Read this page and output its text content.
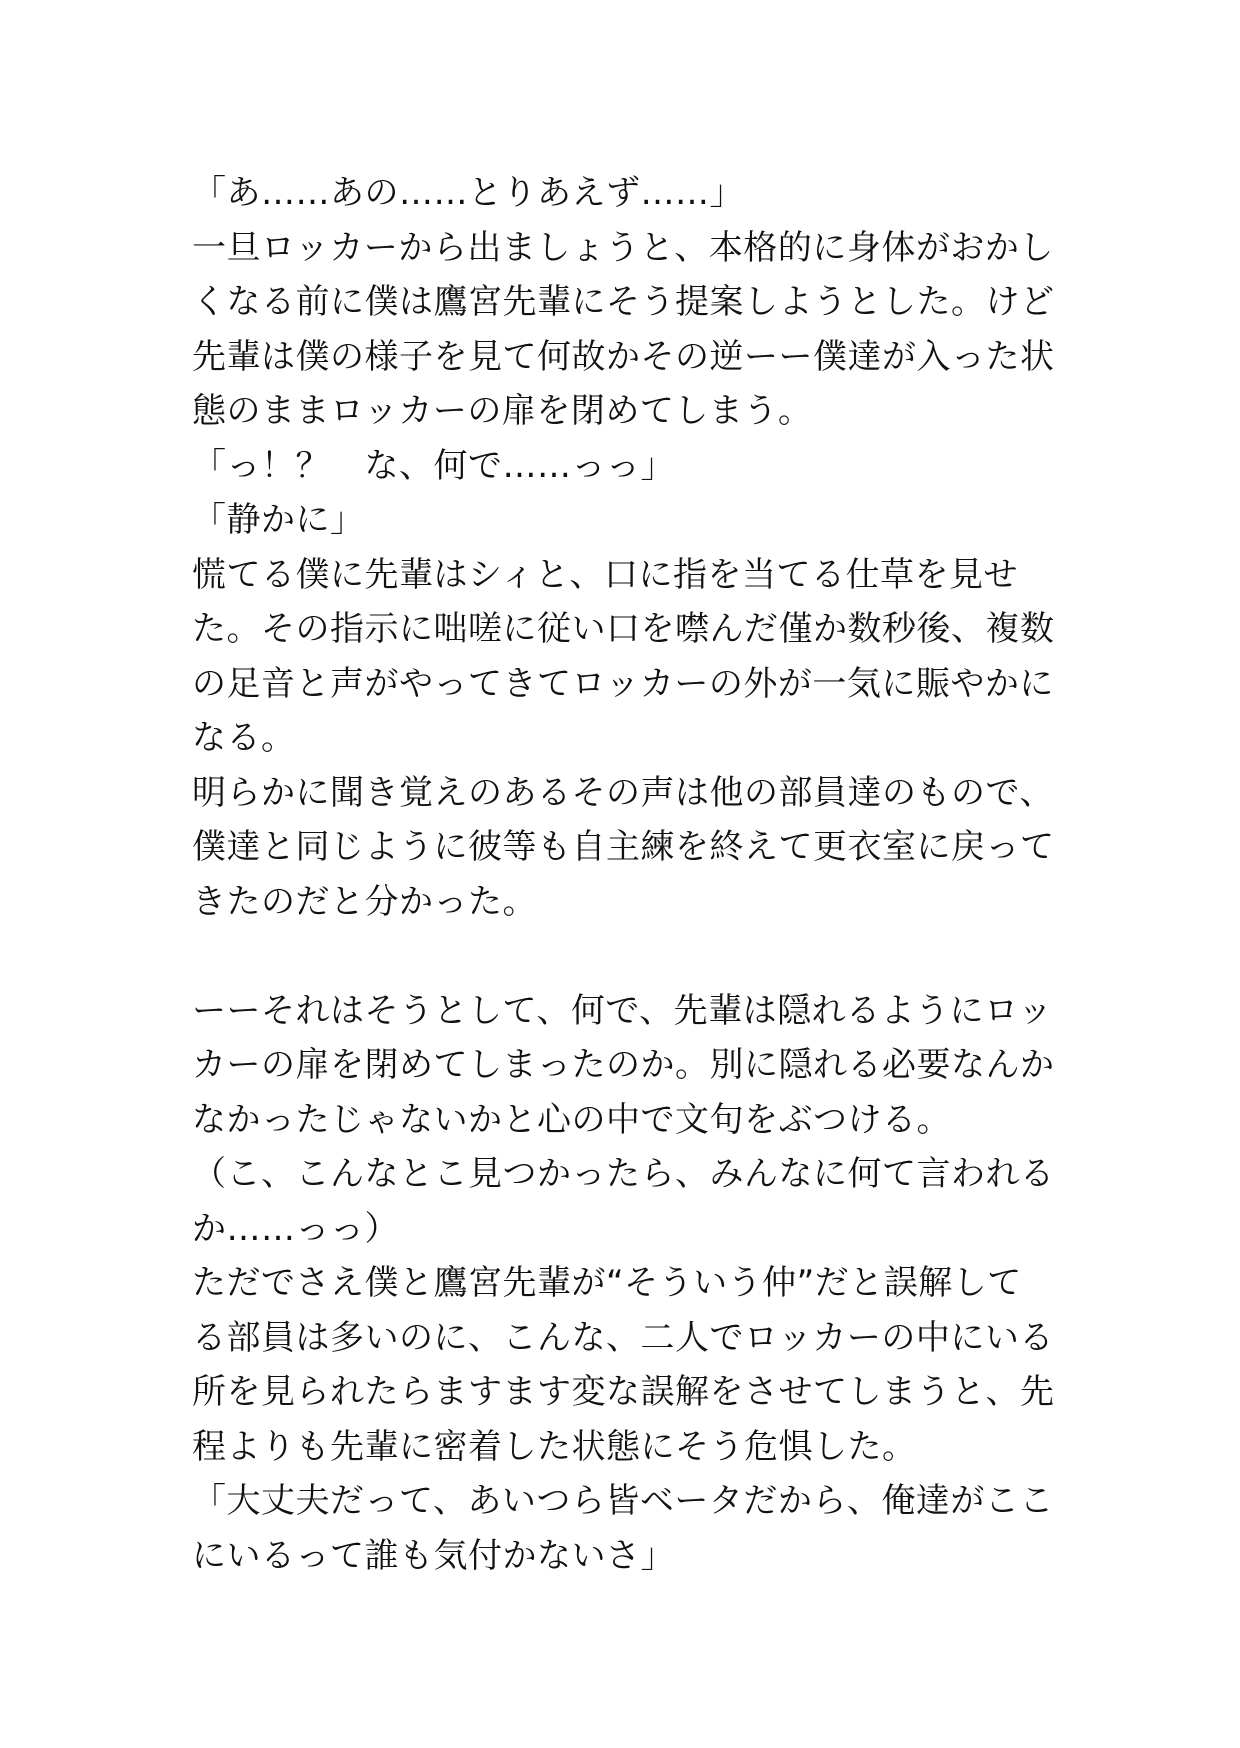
「あ……あの……とりあえず……」
一旦ロッカーから出ましょうと、本格的に身体がおかし
くなる前に僕は鷹宮先輩にそう提案しようとした。けど
先輩は僕の様子を見て何故かその逆ーー僕達が入った状
態のままロッカーの扉を閉めてしまう。
「っ！？　な、何で……っっ」
「静かに」
慌てる僕に先輩はシィと、口に指を当てる仕草を見せ
た。その指示に咄嗟に従い口を噤んだ僅か数秒後、複数
の足音と声がやってきてロッカーの外が一気に賑やかに
なる。
明らかに聞き覚えのあるその声は他の部員達のもので、
僕達と同じように彼等も自主練を終えて更衣室に戻って
きたのだと分かった。
ーーそれはそうとして、何で、先輩は隠れるようにロッ
カーの扉を閉めてしまったのか。別に隠れる必要なんか
なかったじゃないかと心の中で文句をぶつける。
（こ、こんなとこ見つかったら、みんなに何て言われる
か……っっ）
ただでさえ僕と鷹宮先輩が“そういう仲”だと誤解して
る部員は多いのに、こんな、二人でロッカーの中にいる
所を見られたらますます変な誤解をさせてしまうと、先
程よりも先輩に密着した状態にそう危惧した。
「大丈夫だって、あいつら皆ベータだから、俺達がここ
にいるって誰も気付かないさ」
